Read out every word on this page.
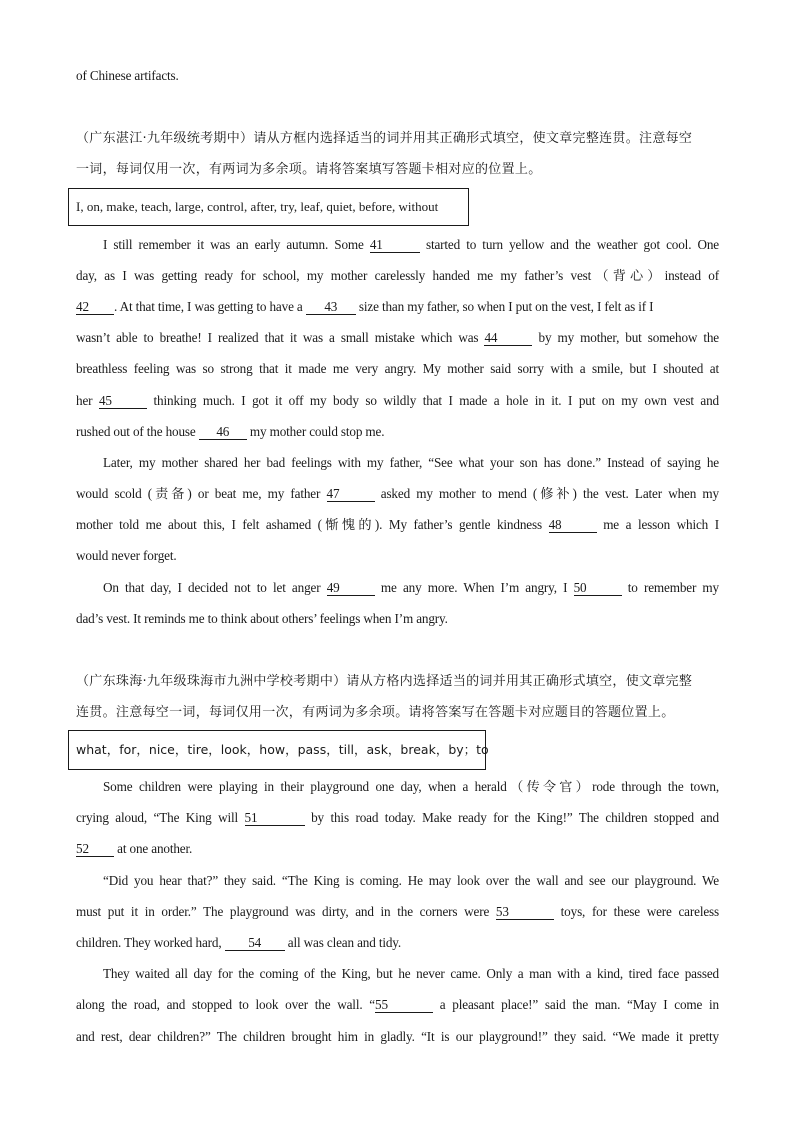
of Chinese artifacts.
（广东湛江·九年级统考期中）请从方框内选择适当的词并用其正确形式填空，使文章完整连贯。注意每空
一词，每词仅用一次，有两词为多余项。请将答案填写答题卡相对应的位置上。
I, on, make, teach, large, control, after, try, leaf, quiet, before, without
I still remember it was an early autumn. Some 41	started to turn yellow and the weather got cool. One
day, as I was getting ready for school, my mother carelessly handed me my father’s vest（背心）instead of
42 . At that time, I was getting to have a 43 size than my father, so when I put on the vest, I felt as if I
wasn’t able to breathe! I realized that it was a small mistake which was 44	by my mother, but somehow the
breathless feeling was so strong that it made me very angry. My mother said sorry with a smile, but I shouted at
her 45	thinking much. I got it off my body so wildly that I made a hole in it. I put on my own vest and
rushed out of the house 46 my mother could stop me.
Later, my mother shared her bad feelings with my father, “See what your son has done.” Instead of saying he
would scold (责备) or beat me, my father 47	asked my mother to mend (修补) the vest. Later when my
mother told me about this, I felt ashamed (惭愧的). My father’s gentle kindness 48	me a lesson which I
would never forget.
On that day, I decided not to let anger 49	me any more. When I’m angry, I 50	to remember my
dad’s vest. It reminds me to think about others’ feelings when I’m angry.
（广东珠海·九年级珠海市九洲中学校考期中）请从方格内选择适当的词并用其正确形式填空，使文章完整
连贯。注意每空一词，每词仅用一次，有两词为多余项。请将答案写在答题卡对应题目的答题位置上。
what，for，nice，tire，look，how，pass，till，ask，break，by；to
Some children were playing in their playground one day, when a herald（传令官）rode through the town,
crying aloud, “The King will 51	by this road today. Make ready for the King!” The children stopped and
52 at one another.
“Did you hear that?” they said. “The King is coming. He may look over the wall and see our playground. We
must put it in order.” The playground was dirty, and in the corners were 53	toys, for these were careless
children. They worked hard, 54 all was clean and tidy.
They waited all day for the coming of the King, but he never came. Only a man with a kind, tired face passed
along the road, and stopped to look over the wall. “55	a pleasant place!” said the man. “May I come in
and rest, dear children?” The children brought him in gladly. “It is our playground!” they said. “We made it pretty
